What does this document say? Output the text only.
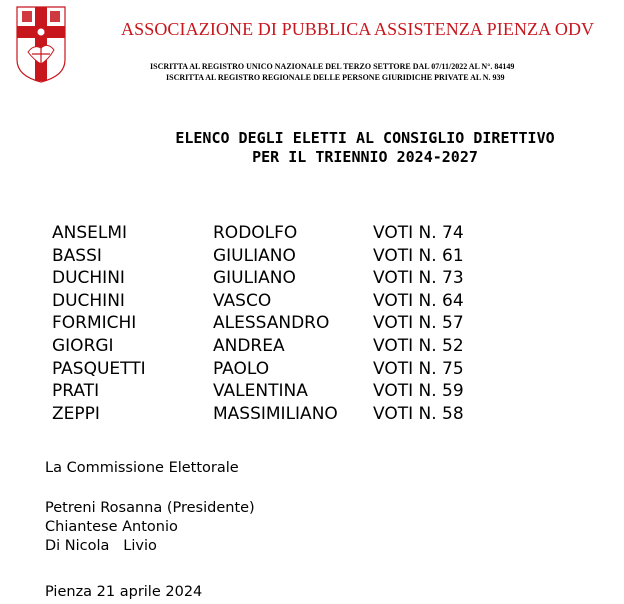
ASSOCIAZIONE DI PUBBLICA ASSISTENZA PIENZA ODV
ISCRITTA AL REGISTRO UNICO NAZIONALE DEL TERZO SETTORE DAL 07/11/2022 AL N°. 84149
ISCRITTA AL REGISTRO REGIONALE DELLE PERSONE GIURIDICHE PRIVATE AL N. 939
ELENCO DEGLI ELETTI AL CONSIGLIO DIRETTIVO
PER IL TRIENNIO 2024-2027
ANSELMI	RODOLFO	VOTI N. 74
BASSI	GIULIANO	VOTI N. 61
DUCHINI	GIULIANO	VOTI N. 73
DUCHINI	VASCO	VOTI N. 64
FORMICHI	ALESSANDRO	VOTI N. 57
GIORGI	ANDREA	VOTI N. 52
PASQUETTI	PAOLO	VOTI N. 75
PRATI	VALENTINA	VOTI N. 59
ZEPPI	MASSIMILIANO VOTI N. 58
La Commissione Elettorale
Petreni Rosanna (Presidente)
Chiantese Antonio
Di Nicola   Livio
Pienza 21 aprile 2024
